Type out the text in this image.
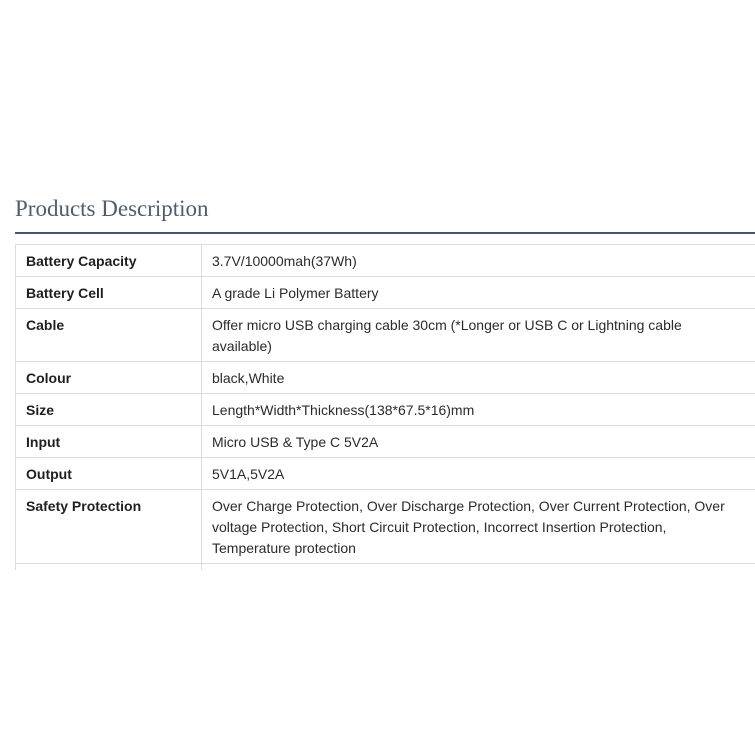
Products Description
Battery Capacity	3.7V/10000mah(37Wh)
Battery Cell	A grade Li Polymer Battery
Cable	Offer micro USB charging cable 30cm (*Longer or USB C or Lightning cable available)
Colour	black,White
Size	Length*Width*Thickness(138*67.5*16)mm
Input	Micro USB & Type C 5V2A
Output	5V1A,5V2A
Safety Protection	Over Charge Protection, Over Discharge Protection, Over Current Protection, Over voltage Protection, Short Circuit Protection, Incorrect Insertion Protection, Temperature protection
